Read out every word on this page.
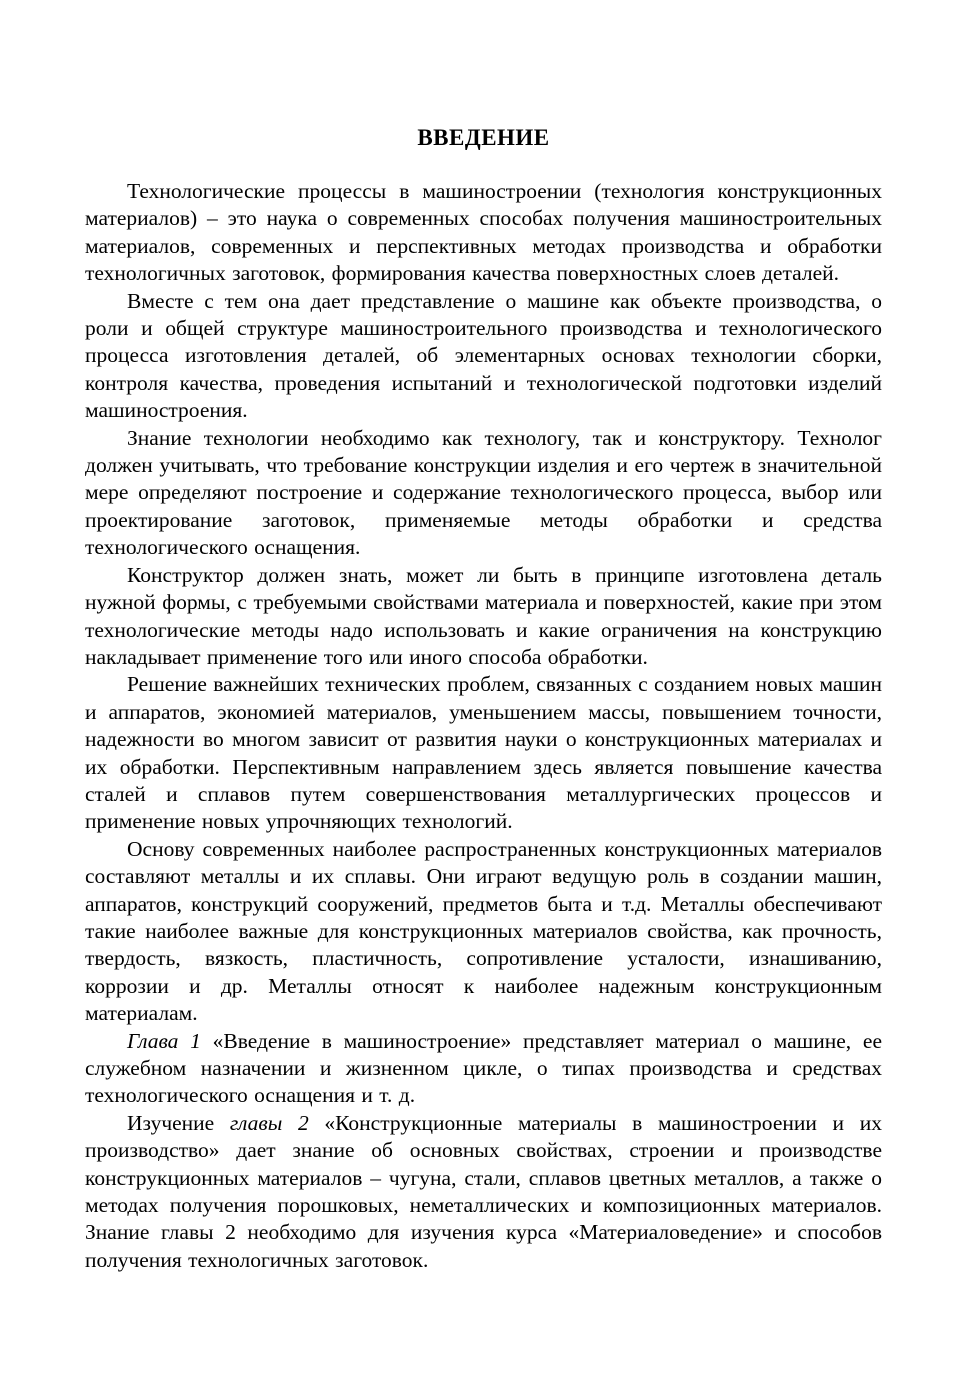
ВВЕДЕНИЕ

Технологические процессы в машиностроении (технология конструкционных материалов) – это наука о современных способах получения машиностроительных материалов, современных и перспективных методах производства и обработки технологичных заготовок, формирования качества поверхностных слоев деталей.

Вместе с тем она дает представление о машине как объекте производства, о роли и общей структуре машиностроительного производства и технологического процесса изготовления деталей, об элементарных основах технологии сборки, контроля качества, проведения испытаний и технологической подготовки изделий машиностроения.

Знание технологии необходимо как технологу, так и конструктору. Технолог должен учитывать, что требование конструкции изделия и его чертеж в значительной мере определяют построение и содержание технологического процесса, выбор или проектирование заготовок, применяемые методы обработки и средства технологического оснащения.

Конструктор должен знать, может ли быть в принципе изготовлена деталь нужной формы, с требуемыми свойствами материала и поверхностей, какие при этом технологические методы надо использовать и какие ограничения на конструкцию накладывает применение того или иного способа обработки.

Решение важнейших технических проблем, связанных с созданием новых машин и аппаратов, экономией материалов, уменьшением массы, повышением точности, надежности во многом зависит от развития науки о конструкционных материалах и их обработки. Перспективным направлением здесь является повышение качества сталей и сплавов путем совершенствования металлургических процессов и применение новых упрочняющих технологий.

Основу современных наиболее распространенных конструкционных материалов составляют металлы и их сплавы. Они играют ведущую роль в создании машин, аппаратов, конструкций сооружений, предметов быта и т.д. Металлы обеспечивают такие наиболее важные для конструкционных материалов свойства, как прочность, твердость, вязкость, пластичность, сопротивление усталости, изнашиванию, коррозии и др. Металлы относят к наиболее надежным конструкционным материалам.

Глава 1 «Введение в машиностроение» представляет материал о машине, ее служебном назначении и жизненном цикле, о типах производства и средствах технологического оснащения и т. д.

Изучение главы 2 «Конструкционные материалы в машиностроении и их производство» дает знание об основных свойствах, строении и производстве конструкционных материалов – чугуна, стали, сплавов цветных металлов, а также о методах получения порошковых, неметаллических и композиционных материалов. Знание главы 2 необходимо для изучения курса «Материаловедение» и способов получения технологичных заготовок.
